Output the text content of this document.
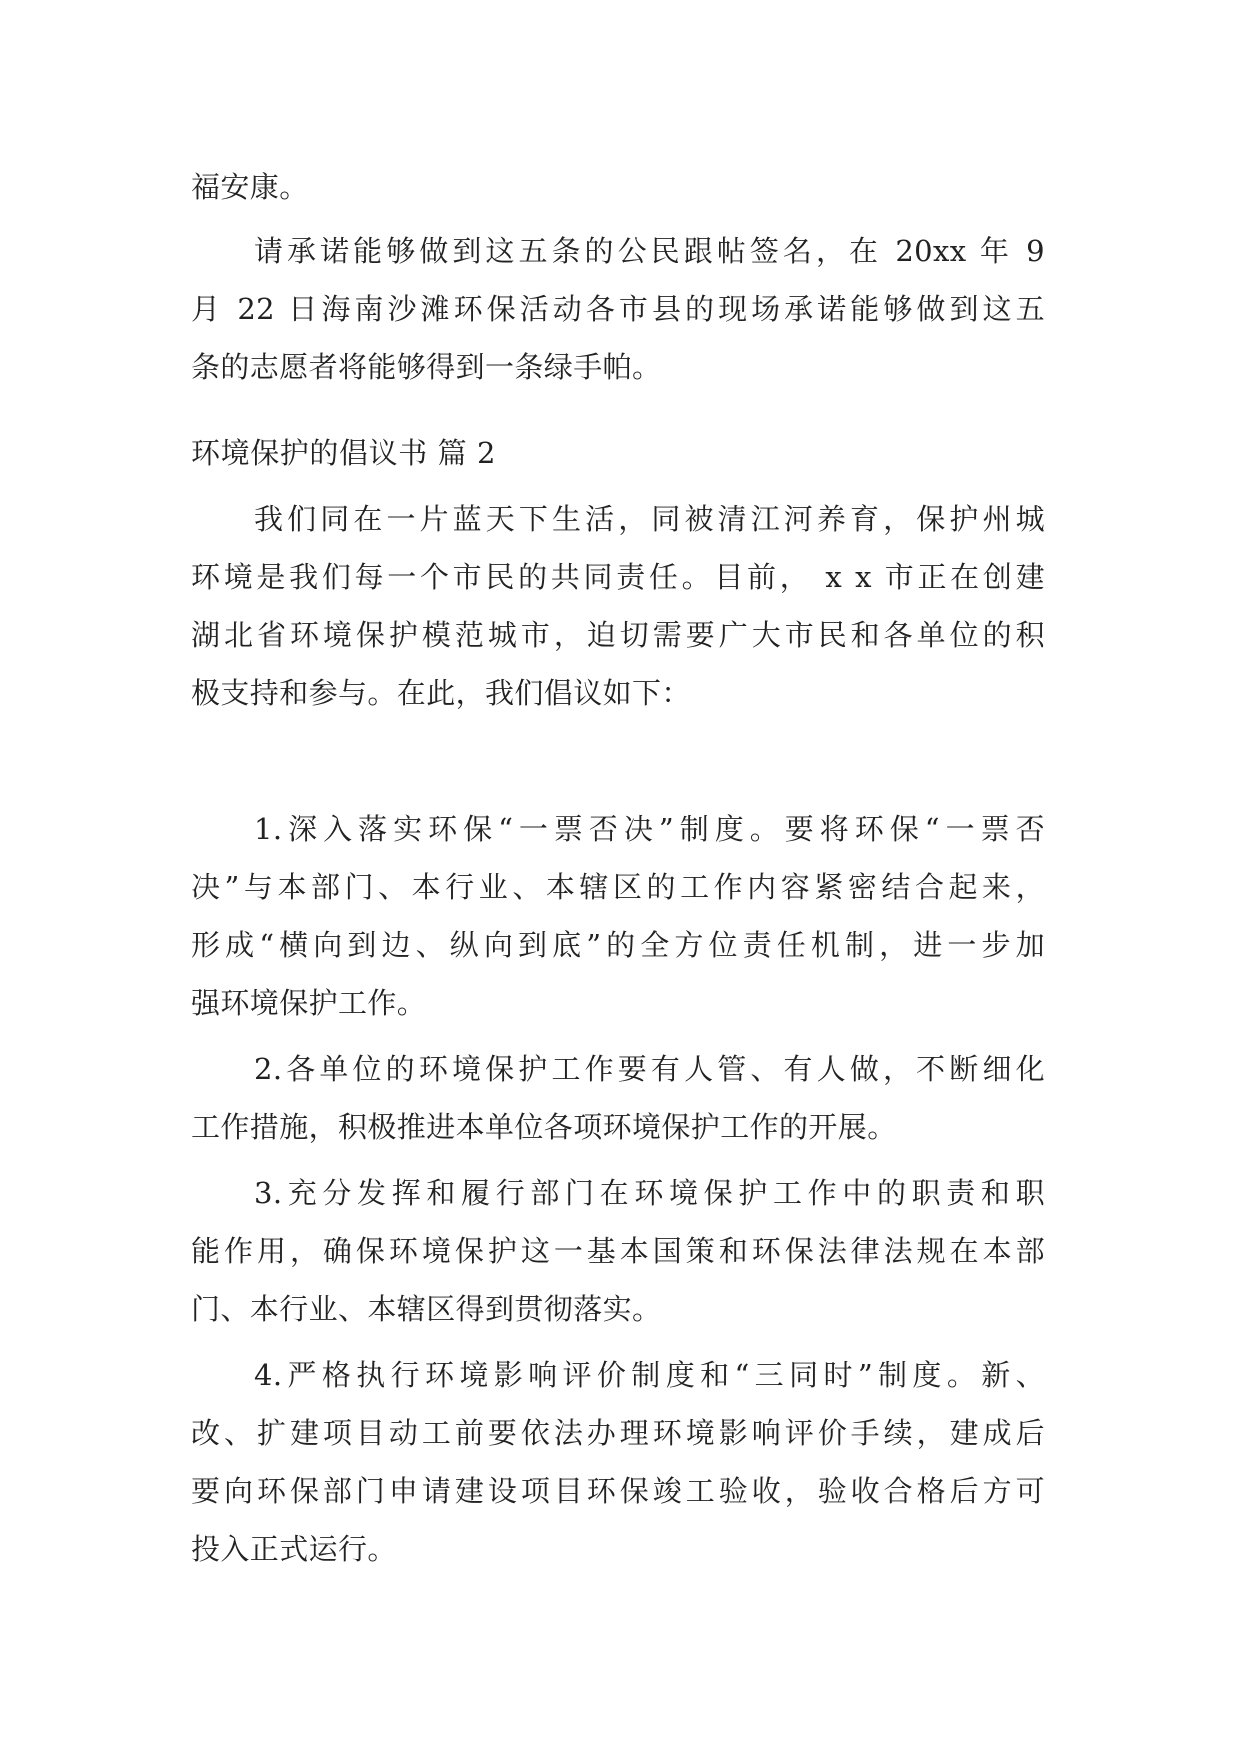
福安康。
请承诺能够做到这五条的公民跟帖签名，在 20xx 年 9
月 22 日海南沙滩环保活动各市县的现场承诺能够做到这五
条的志愿者将能够得到一条绿手帕。
环境保护的倡议书 篇 2
我们同在一片蓝天下生活，同被清江河养育，保护州城
环境是我们每一个市民的共同责任。目前， x x 市正在创建
湖北省环境保护模范城市，迫切需要广大市民和各单位的积
极支持和参与。在此，我们倡议如下：
1.深入落实环保“一票否决”制度。要将环保“一票否
决”与本部门、本行业、本辖区的工作内容紧密结合起来，
形成“横向到边、纵向到底”的全方位责任机制，进一步加
强环境保护工作。
2.各单位的环境保护工作要有人管、有人做，不断细化
工作措施，积极推进本单位各项环境保护工作的开展。
3.充分发挥和履行部门在环境保护工作中的职责和职
能作用，确保环境保护这一基本国策和环保法律法规在本部
门、本行业、本辖区得到贯彻落实。
4.严格执行环境影响评价制度和“三同时”制度。新、
改、扩建项目动工前要依法办理环境影响评价手续，建成后
要向环保部门申请建设项目环保竣工验收，验收合格后方可
投入正式运行。
